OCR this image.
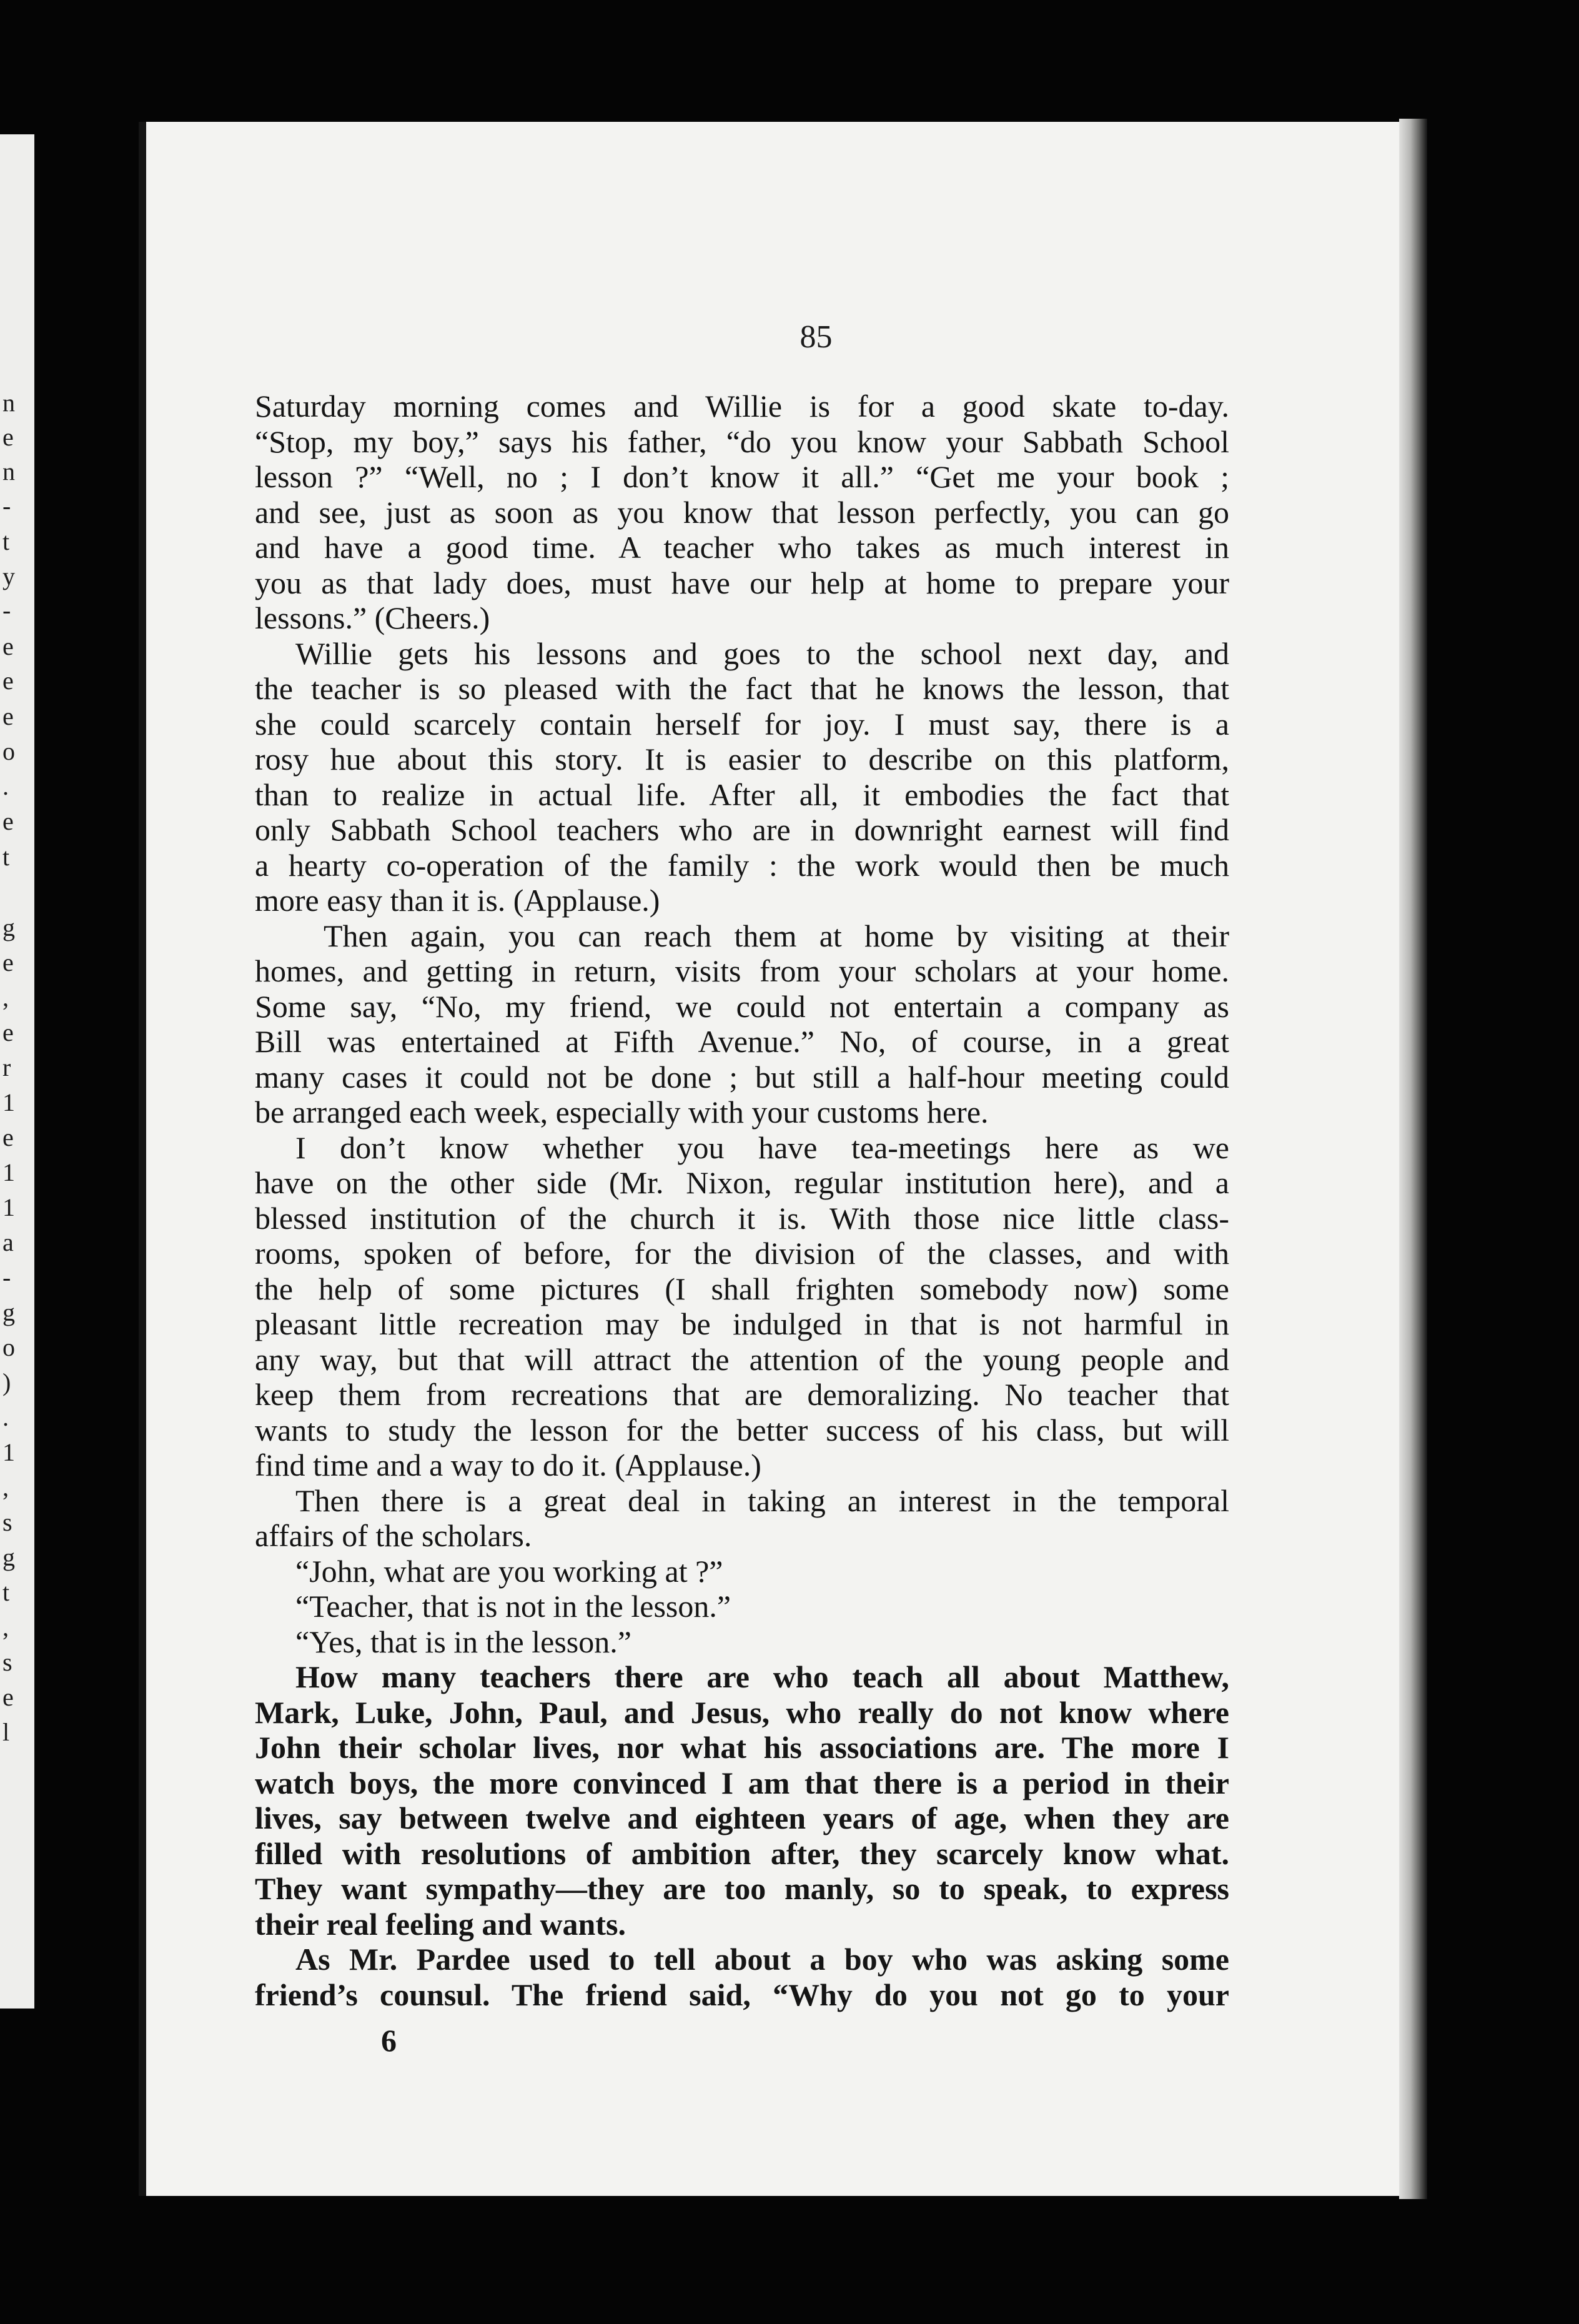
n
e
n
-
t
y
-
e
e
e
o
.
e
t
g
e
,
e
r
1
e
1
1
a
-
g
o
)
.
1
,
s
g
t
,
s
e
l
85
Saturday morning comes and Willie is for a good skate to-day.
“Stop, my boy,” says his father, “do you know your Sabbath School
lesson ?” “Well, no ; I don’t know it all.” “Get me your book ;
and see, just as soon as you know that lesson perfectly, you can go
and have a good time. A teacher who takes as much interest in
you as that lady does, must have our help at home to prepare your
lessons.” (Cheers.)
Willie gets his lessons and goes to the school next day, and
the teacher is so pleased with the fact that he knows the lesson, that
she could scarcely contain herself for joy. I must say, there is a
rosy hue about this story. It is easier to describe on this platform,
than to realize in actual life. After all, it embodies the fact that
only Sabbath School teachers who are in downright earnest will find
a hearty co-operation of the family : the work would then be much
more easy than it is. (Applause.)
Then again, you can reach them at home by visiting at their
homes, and getting in return, visits from your scholars at your home.
Some say, “No, my friend, we could not entertain a company as
Bill was entertained at Fifth Avenue.” No, of course, in a great
many cases it could not be done ; but still a half-hour meeting could
be arranged each week, especially with your customs here.
I don’t know whether you have tea-meetings here as we
have on the other side (Mr. Nixon, regular institution here), and a
blessed institution of the church it is. With those nice little class-
rooms, spoken of before, for the division of the classes, and with
the help of some pictures (I shall frighten somebody now) some
pleasant little recreation may be indulged in that is not harmful in
any way, but that will attract the attention of the young people and
keep them from recreations that are demoralizing. No teacher that
wants to study the lesson for the better success of his class, but will
find time and a way to do it. (Applause.)
Then there is a great deal in taking an interest in the temporal
affairs of the scholars.
“John, what are you working at ?”
“Teacher, that is not in the lesson.”
“Yes, that is in the lesson.”
How many teachers there are who teach all about Matthew,
Mark, Luke, John, Paul, and Jesus, who really do not know where
John their scholar lives, nor what his associations are. The more I
watch boys, the more convinced I am that there is a period in their
lives, say between twelve and eighteen years of age, when they are
filled with resolutions of ambition after, they scarcely know what.
They want sympathy—they are too manly, so to speak, to express
their real feeling and wants.
As Mr. Pardee used to tell about a boy who was asking some
friend’s counsul. The friend said, “Why do you not go to your
6
